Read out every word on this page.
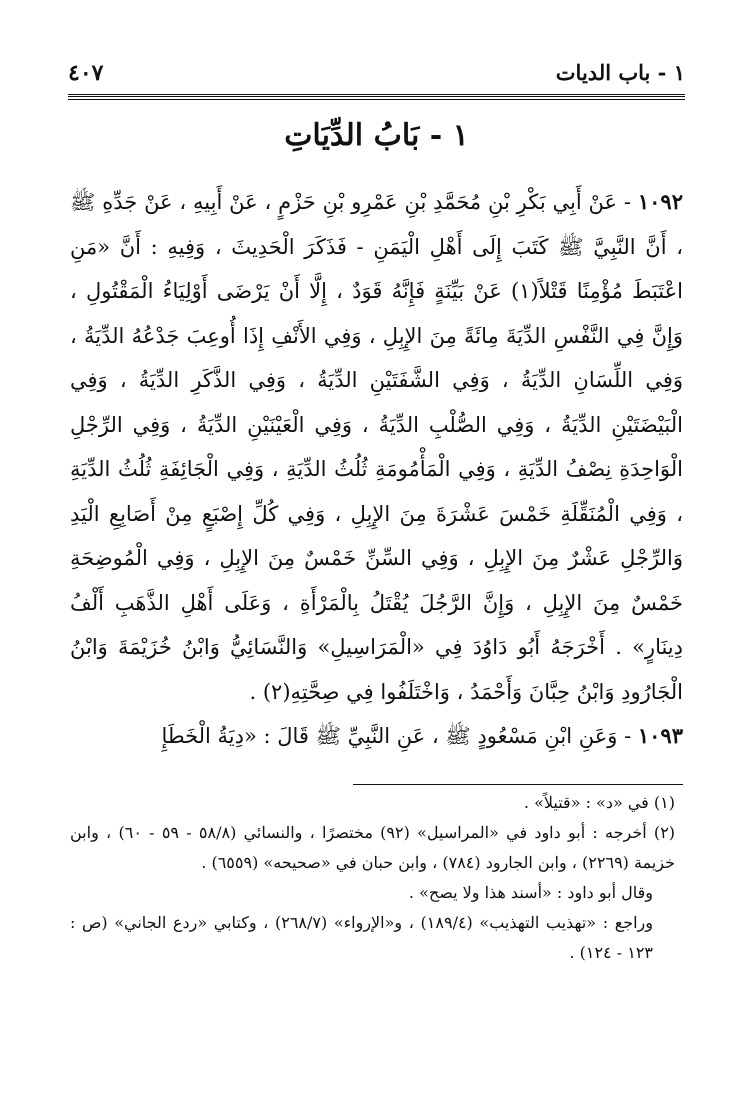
١ - باب الديات
٤٠٧
١ - بَابُ الدِّيَاتِ

١٠٩٢ - عَنْ أَبِي بَكْرِ بْنِ مُحَمَّدِ بْنِ عَمْرِو بْنِ حَزْمٍ ، عَنْ أَبِيهِ ، عَنْ جَدِّهِ ﷺ ، أَنَّ النَّبِيَّ ﷺ كَتَبَ إِلَى أَهْلِ الْيَمَنِ - فَذَكَرَ الْحَدِيثَ ، وَفِيهِ : أَنَّ «مَنِ اعْتَبَطَ مُؤْمِنًا قَتْلاً(١) عَنْ بَيِّنَةٍ فَإِنَّهُ قَوَدٌ ، إِلَّا أَنْ يَرْضَى أَوْلِيَاءُ الْمَقْتُولِ ، وَإِنَّ فِي النَّفْسِ الدِّيَةَ مِائَةً مِنَ الإِبِلِ ، وَفِي الأَنْفِ إِذَا أُوعِبَ جَدْعُهُ الدِّيَةُ ، وَفِي اللِّسَانِ الدِّيَةُ ، وَفِي الشَّفَتَيْنِ الدِّيَةُ ، وَفِي الذَّكَرِ الدِّيَةُ ، وَفِي الْبَيْضَتَيْنِ الدِّيَةُ ، وَفِي الصُّلْبِ الدِّيَةُ ، وَفِي الْعَيْنَيْنِ الدِّيَةُ ، وَفِي الرِّجْلِ الْوَاحِدَةِ نِصْفُ الدِّيَةِ ، وَفِي الْمَأْمُومَةِ ثُلُثُ الدِّيَةِ ، وَفِي الْجَائِفَةِ ثُلُثُ الدِّيَةِ ، وَفِي الْمُنَقِّلَةِ خَمْسَ عَشْرَةَ مِنَ الإِبِلِ ، وَفِي كُلِّ إِصْبَعٍ مِنْ أَصَابِعِ الْيَدِ وَالرِّجْلِ عَشْرٌ مِنَ الإِبِلِ ، وَفِي السِّنِّ خَمْسٌ مِنَ الإِبِلِ ، وَفِي الْمُوضِحَةِ خَمْسٌ مِنَ الإِبِلِ ، وَإِنَّ الرَّجُلَ يُقْتَلُ بِالْمَرْأَةِ ، وَعَلَى أَهْلِ الذَّهَبِ أَلْفُ دِينَارٍ» . أَخْرَجَهُ أَبُو دَاوُدَ فِي «الْمَرَاسِيلِ» وَالنَّسَائِيُّ وَابْنُ خُزَيْمَةَ وَابْنُ الْجَارُودِ وَابْنُ حِبَّانَ وَأَحْمَدُ ، وَاخْتَلَفُوا فِي صِحَّتِهِ(٢) .

١٠٩٣ - وَعَنِ ابْنِ مَسْعُودٍ ﷺ ، عَنِ النَّبِيِّ ﷺ قَالَ : «دِيَةُ الْخَطَإِ

(١) في «د» : «قتيلاً» .

(٢) أخرجه : أبو داود في «المراسيل» (٩٢) مختصرًا ، والنسائي (٥٨/٨ - ٥٩ - ٦٠) ، وابن خزيمة (٢٢٦٩) ، وابن الجارود (٧٨٤) ، وابن حبان في «صحيحه» (٦٥٥٩) .

وقال أبو داود : «أسند هذا ولا يصح» .

وراجع : «تهذيب التهذيب» (١٨٩/٤) ، و«الإرواء» (٢٦٨/٧) ، وكتابي «ردع الجاني» (ص : ١٢٣ - ١٢٤) .
